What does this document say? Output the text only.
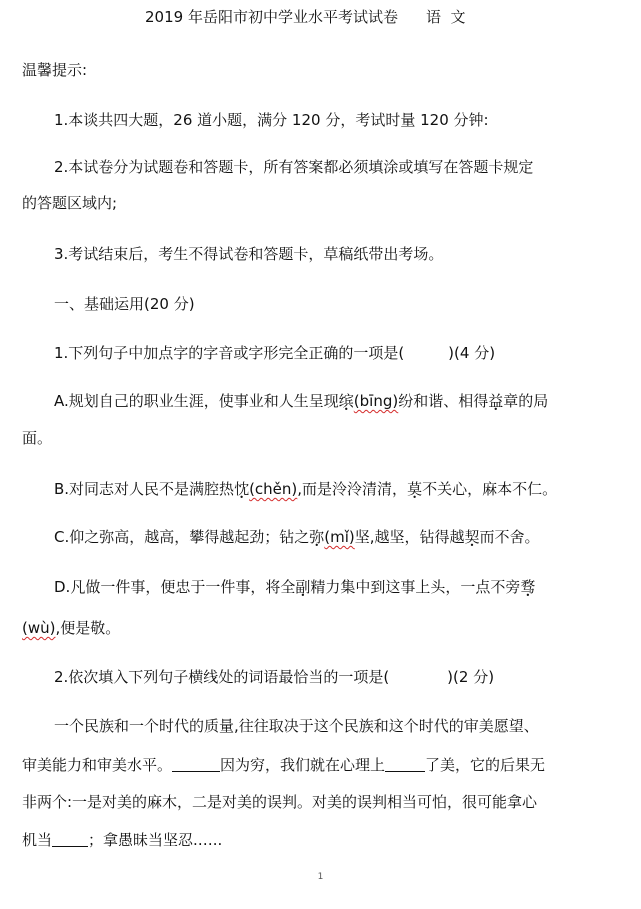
2019 年岳阳市初中学业水平考试试卷 语  文
温馨提示:
1.本谈共四大题，26 道小题，满分 120 分，考试时量 120 分钟:
2.本试卷分为试题卷和答题卡，所有答案都必须填涂或填写在答题卡规定
的答题区域内;
3.考试结束后，考生不得试卷和答题卡，草稿纸带出考场。
一、基础运用(20 分)
1.下列句子中加点字的字音或字形完全正确的一项是(	)(4 分)
A.规划自己的职业生涯，使事业和人生呈现缤(bīng)纷和谐、相得益章的局
面。
B.对同志对人民不是满腔热忱(chěn),而是泠泠清清，莫不关心，麻本不仁。
C.仰之弥高，越高，攀得越起劲；钻之弥(mǐ)坚,越坚，钻得越契而不舍。
D.凡做一件事，便忠于一件事，将全副精力集中到这事上头，一点不旁骛
(wù),便是敬。
2.依次填入下列句子横线处的词语最恰当的一项是(	)(2 分)
一个民族和一个时代的质量,往往取决于这个民族和这个时代的审美愿望、
审美能力和审美水平。	因为穷，我们就在心理上	了美，它的后果无
非两个:一是对美的麻木，二是对美的误判。对美的误判相当可怕，很可能拿心
机当 ；拿愚昧当坚忍.…..
1
